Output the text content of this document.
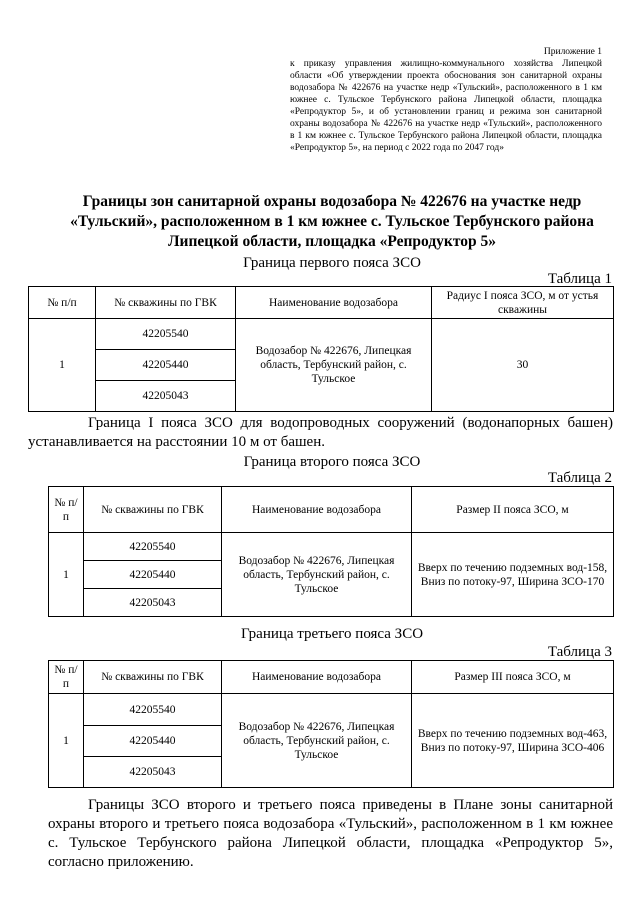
Приложение 1
к приказу управления жилищно-коммунального хозяйства Липецкой области «Об утверждении проекта обоснования зон санитарной охраны водозабора № 422676 на участке недр «Тульский», расположенного в 1 км южнее с. Тульское Тербунского района Липецкой области, площадка «Репродуктор 5», и об установлении границ и режима зон санитарной охраны водозабора № 422676 на участке недр «Тульский», расположенного в 1 км южнее с. Тульское Тербунского района Липецкой области, площадка «Репродуктор 5», на период с 2022 года по 2047 год»
Границы зон санитарной охраны водозабора № 422676 на участке недр «Тульский», расположенном в 1 км южнее с. Тульское Тербунского района Липецкой области, площадка «Репродуктор 5»
Граница первого пояса ЗСО
Таблица 1
№ п/п	№ скважины по ГВК	Наименование водозабора	Радиус I пояса ЗСО, м от устья скважины
1	42205540	Водозабор № 422676, Липецкая область, Тербунский район, с. Тульское	30
	42205440		
	42205043		
Граница I пояса ЗСО для водопроводных сооружений (водонапорных башен) устанавливается на расстоянии 10 м от башен.
Граница второго пояса ЗСО
Таблица 2
№ п/п	№ скважины по ГВК	Наименование водозабора	Размер II пояса ЗСО, м
1	42205540	Водозабор № 422676, Липецкая область, Тербунский район, с. Тульское	Вверх по течению подземных вод-158, Вниз по потоку-97, Ширина ЗСО-170
	42205440		
	42205043		
Граница третьего пояса ЗСО
Таблица 3
№ п/п	№ скважины по ГВК	Наименование водозабора	Размер III пояса ЗСО, м
1	42205540	Водозабор № 422676, Липецкая область, Тербунский район, с. Тульское	Вверх по течению подземных вод-463, Вниз по потоку-97, Ширина ЗСО-406
	42205440		
	42205043		
Границы ЗСО второго и третьего пояса приведены в Плане зоны санитарной охраны второго и третьего пояса водозабора «Тульский», расположенном в 1 км южнее с. Тульское Тербунского района Липецкой области, площадка «Репродуктор 5», согласно приложению.
